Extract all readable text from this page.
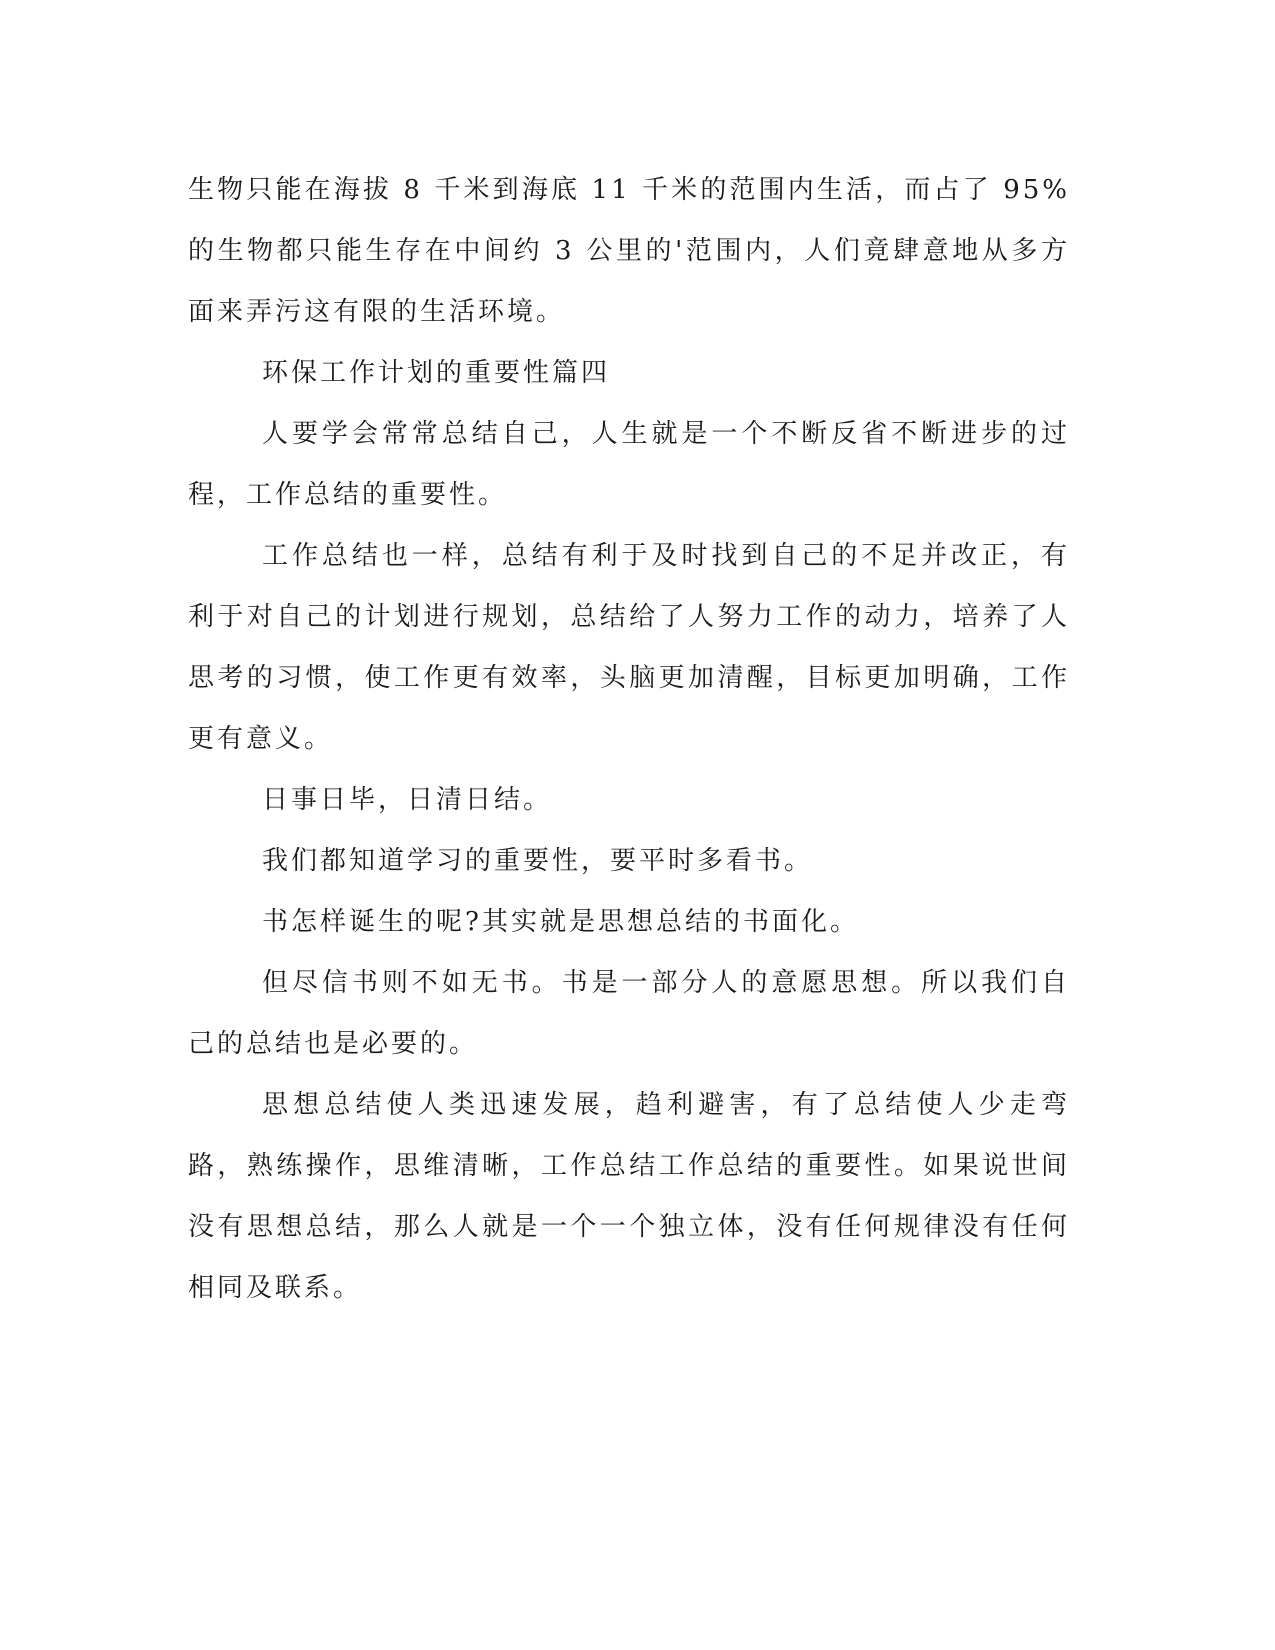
生物只能在海拔 8 千米到海底 11 千米的范围内生活，而占了 95%的生物都只能生存在中间约 3 公里的'范围内，人们竟肆意地从多方面来弄污这有限的生活环境。

环保工作计划的重要性篇四

人要学会常常总结自己，人生就是一个不断反省不断进步的过程，工作总结的重要性。

工作总结也一样，总结有利于及时找到自己的不足并改正，有利于对自己的计划进行规划，总结给了人努力工作的动力，培养了人思考的习惯，使工作更有效率，头脑更加清醒，目标更加明确，工作更有意义。

日事日毕，日清日结。

我们都知道学习的重要性，要平时多看书。

书怎样诞生的呢?其实就是思想总结的书面化。

但尽信书则不如无书。书是一部分人的意愿思想。所以我们自己的总结也是必要的。

思想总结使人类迅速发展，趋利避害，有了总结使人少走弯路，熟练操作，思维清晰，工作总结工作总结的重要性。如果说世间没有思想总结，那么人就是一个一个独立体，没有任何规律没有任何相同及联系。
